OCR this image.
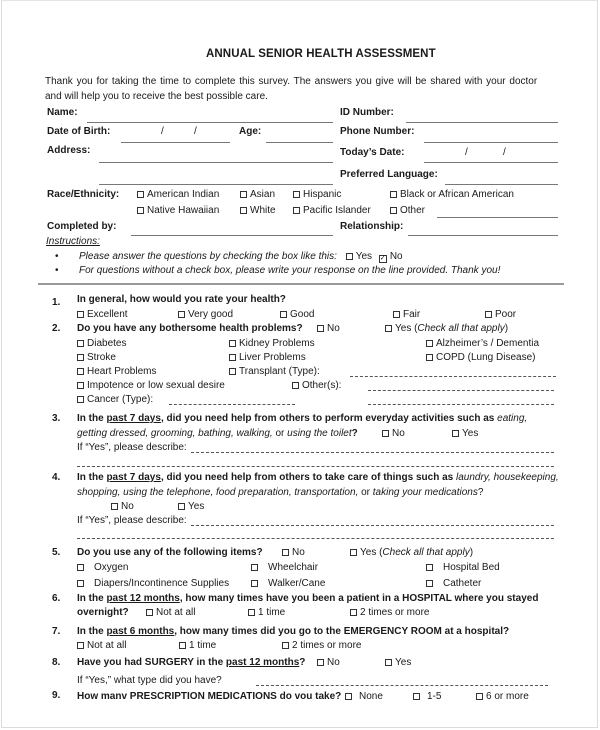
ANNUAL SENIOR HEALTH ASSESSMENT
Thank you for taking the time to complete this survey. The answers you give will be shared with your doctor
and will help you to receive the best possible care.
Name:	ID Number:
Date of Birth:	/	/	Age:	Phone Number:
Address:	Today’s Date:	/	/
Preferred Language:
Race/Ethnicity:	American Indian	Asian	Hispanic	Black or African American
Native Hawaiian	White	Pacific Islander	Other
Completed by:	Relationship:
Instructions:
• Please answer the questions by checking the box like this: Yes ✓ No
• For questions without a check box, please write your response on the line provided. Thank you!
1. In general, how would you rate your health?
Excellent	Very good	Good	Fair	Poor
2. Do you have any bothersome health problems?	No	Yes (Check all that apply)
Diabetes	Kidney Problems	Alzheimer’s / Dementia
Stroke	Liver Problems	COPD (Lung Disease)
Heart Problems	Transplant (Type):
Impotence or low sexual desire	Other(s):
Cancer (Type):
3. In the past 7 days, did you need help from others to perform everyday activities such as eating,
getting dressed, grooming, bathing, walking, or using the toilet?	No	Yes
If “Yes”, please describe:
4. In the past 7 days, did you need help from others to take care of things such as laundry, housekeeping,
shopping, using the telephone, food preparation, transportation, or taking your medications?
No	Yes
If “Yes”, please describe:
5. Do you use any of the following items?	No	Yes (Check all that apply)
Oxygen	Wheelchair	Hospital Bed
Diapers/Incontinence Supplies	Walker/Cane	Catheter
6. In the past 12 months, how many times have you been a patient in a HOSPITAL where you stayed
overnight?	Not at all	1 time	2 times or more
7. In the past 6 months, how many times did you go to the EMERGENCY ROOM at a hospital?
Not at all	1 time	2 times or more
8. Have you had SURGERY in the past 12 months?	No	Yes
If “Yes,” what type did you have?
9. How manv PRESCRIPTION MEDICATIONS do vou take?	None	1-5	6 or more
